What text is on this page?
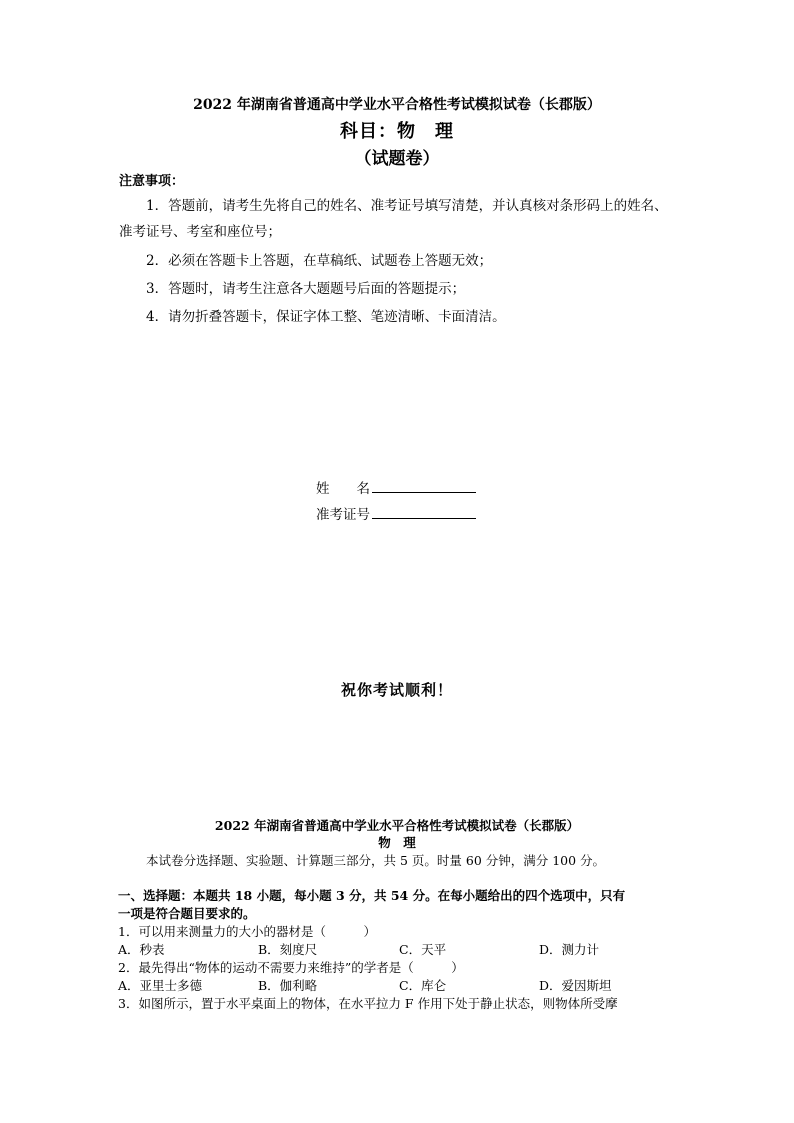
2022 年湖南省普通高中学业水平合格性考试模拟试卷（长郡版）
科目：物　理
（试题卷）
注意事项：
1．答题前，请考生先将自己的姓名、准考证号填写清楚，并认真核对条形码上的姓名、
准考证号、考室和座位号；
2．必须在答题卡上答题，在草稿纸、试题卷上答题无效；
3．答题时，请考生注意各大题题号后面的答题提示；
4．请勿折叠答题卡，保证字体工整、笔迹清晰、卡面清洁。
姓　　名
准考证号
祝你考试顺利！
2022 年湖南省普通高中学业水平合格性考试模拟试卷（长郡版）
物　理
本试卷分选择题、实验题、计算题三部分，共 5 页。时量 60 分钟，满分 100 分。
一、选择题：本题共 18 小题，每小题 3 分，共 54 分。在每小题给出的四个选项中，只有
一项是符合题目要求的。
1．可以用来测量力的大小的器材是（　　　）
A．秒表	B．刻度尺	C．天平	D．测力计
2．最先得出“物体的运动不需要力来维持”的学者是（　　　）
A．亚里士多德	B．伽利略	C．库仑	D．爱因斯坦
3．如图所示，置于水平桌面上的物体，在水平拉力 F 作用下处于静止状态，则物体所受摩
